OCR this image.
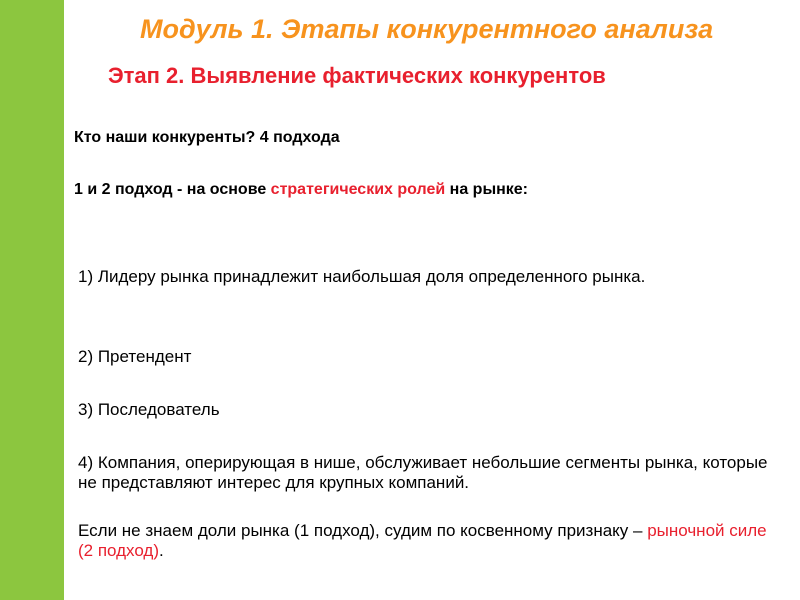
Модуль 1. Этапы конкурентного анализа
Этап 2. Выявление фактических конкурентов

Кто наши конкуренты? 4 подхода

1 и 2 подход - на основе стратегических ролей на рынке:

1) Лидеру рынка принадлежит наибольшая доля определенного рынка.

2) Претендент

3) Последователь

4) Компания, оперирующая в нише, обслуживает небольшие сегменты рынка, которые не представляют интерес для крупных компаний.

Если не знаем доли рынка (1 подход), судим по косвенному признаку – рыночной силе (2 подход).
